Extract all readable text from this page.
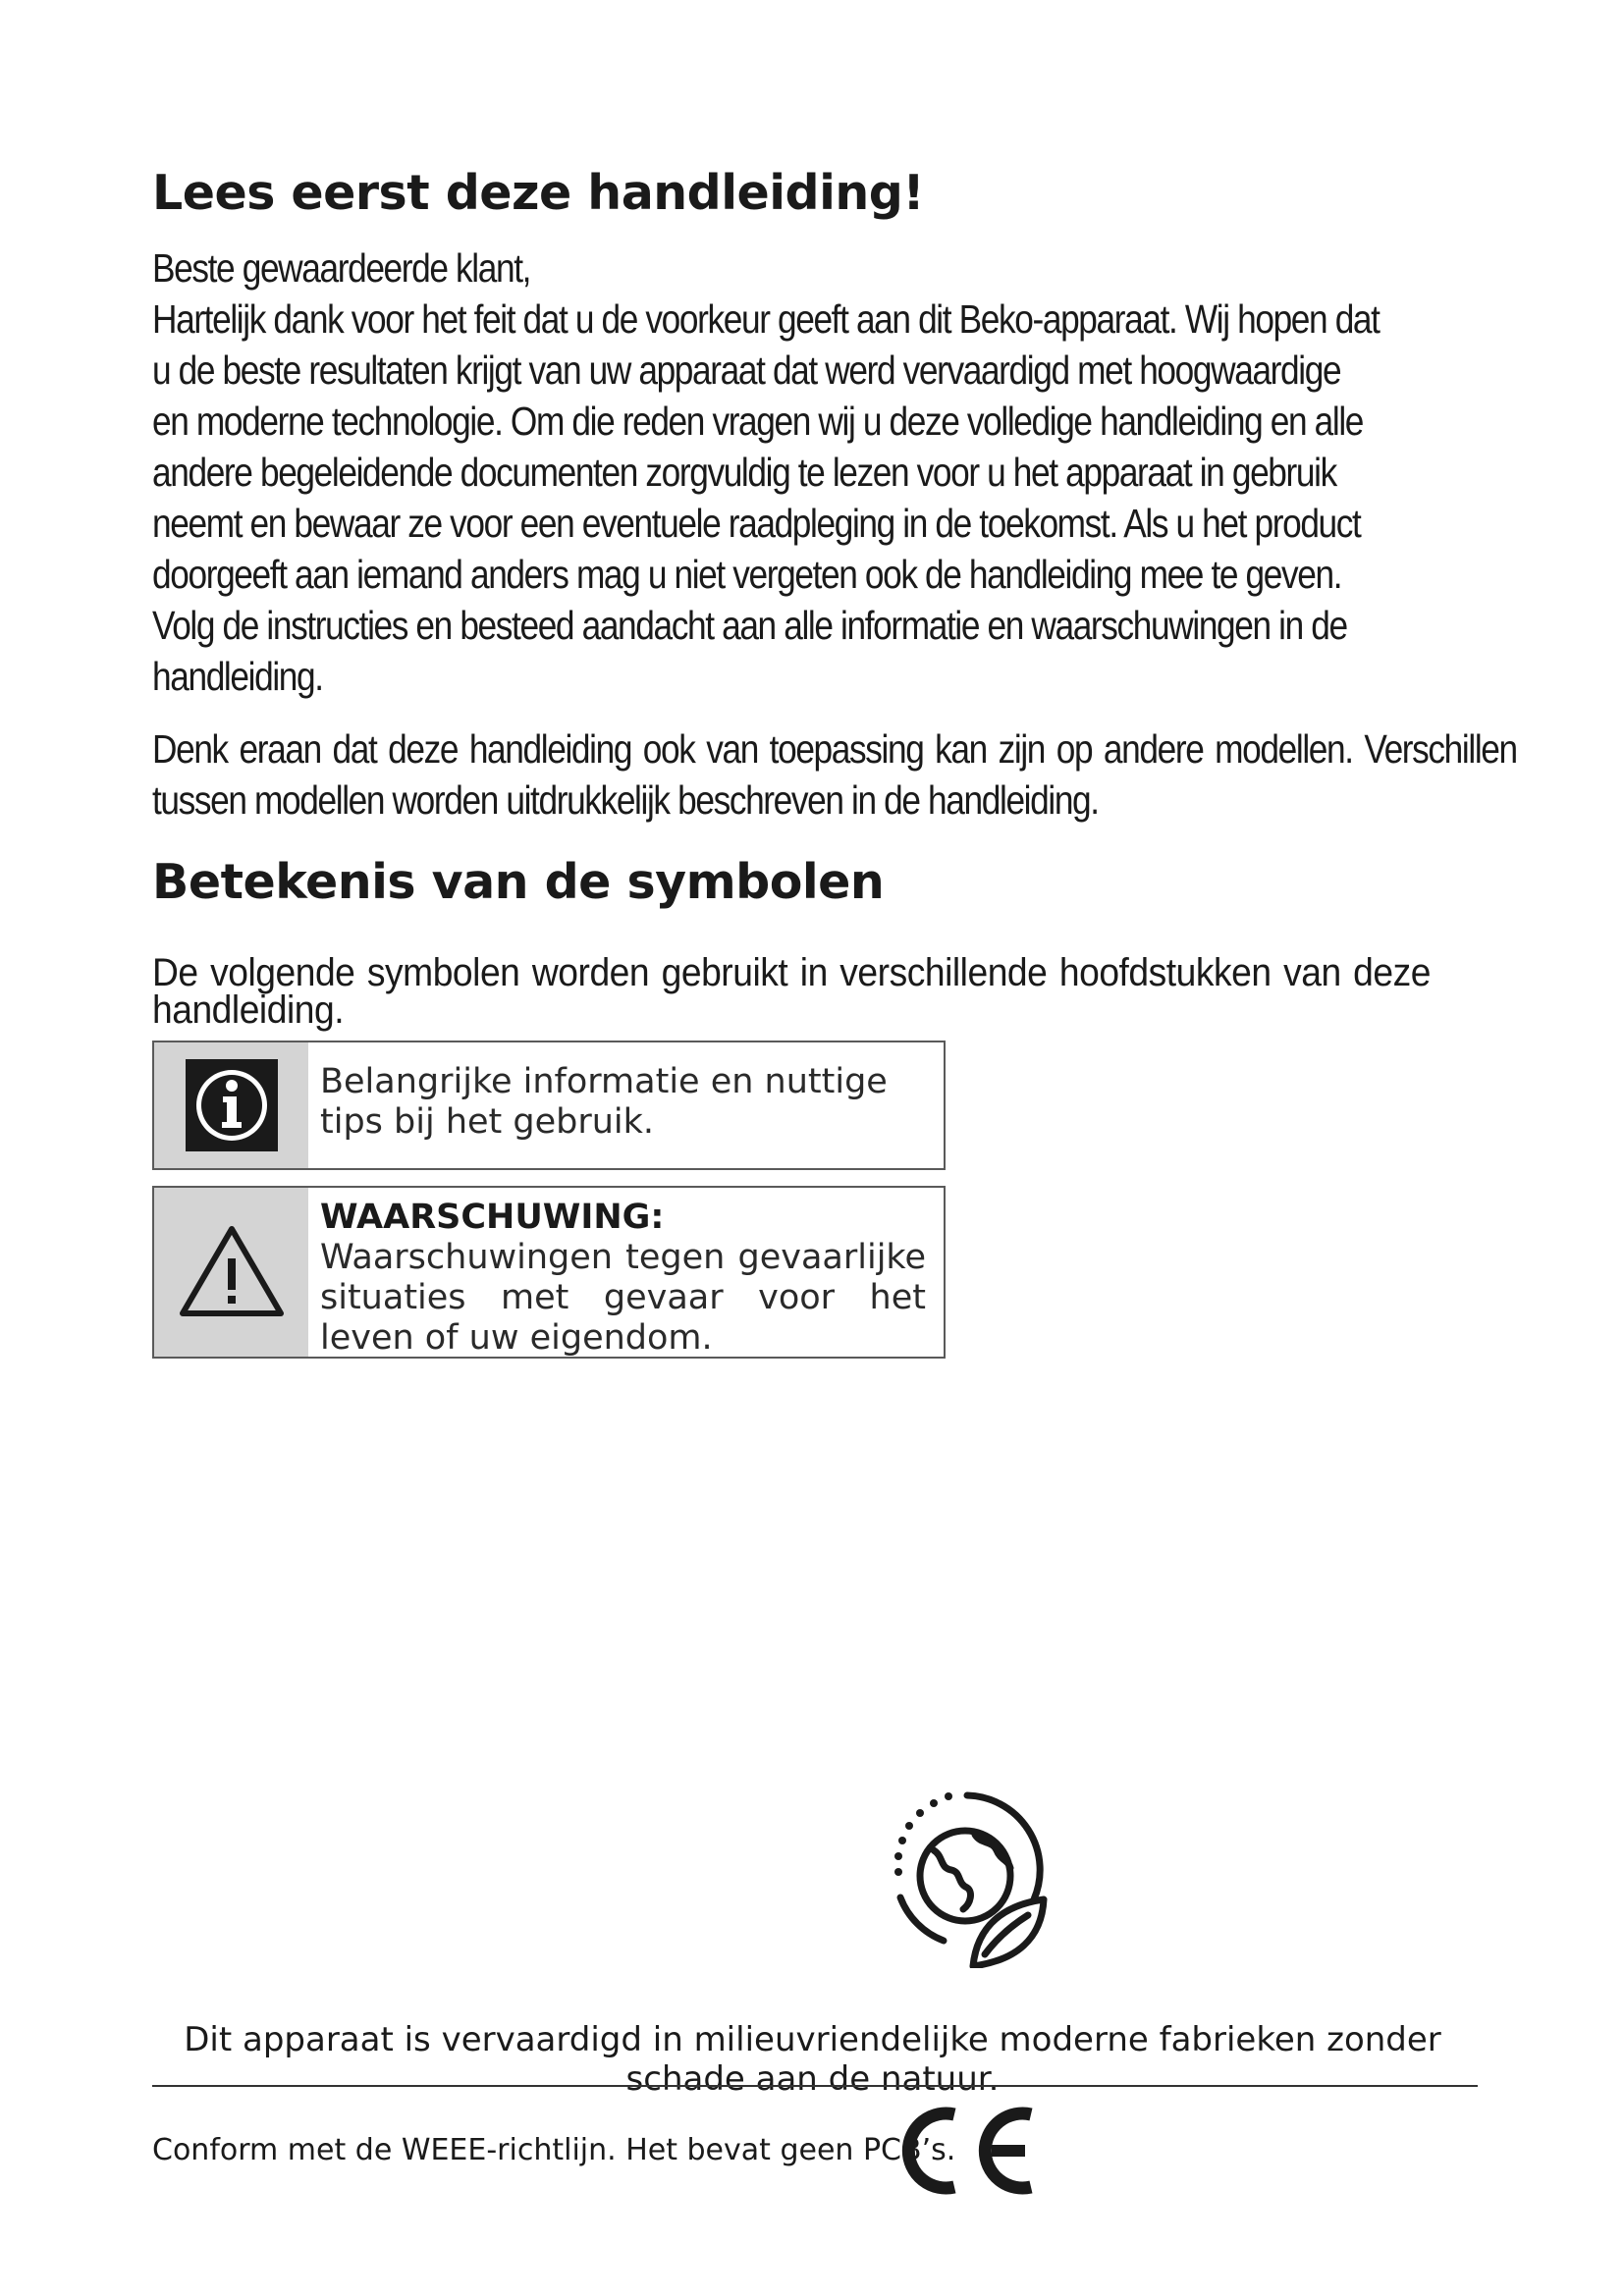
Lees eerst deze handleiding!

Beste gewaardeerde klant,

Hartelijk dank voor het feit dat u de voorkeur geeft aan dit Beko-apparaat. Wij hopen dat

u de beste resultaten krijgt van uw apparaat dat werd vervaardigd met hoogwaardige

en moderne technologie. Om die reden vragen wij u deze volledige handleiding en alle

andere begeleidende documenten zorgvuldig te lezen voor u het apparaat in gebruik

neemt en bewaar ze voor een eventuele raadpleging in de toekomst. Als u het product

doorgeeft aan iemand anders mag u niet vergeten ook de handleiding mee te geven.

Volg de instructies en besteed aandacht aan alle informatie en waarschuwingen in de

handleiding.

Denk eraan dat deze handleiding ook van toepassing kan zijn op andere modellen. Verschillen tussen modellen worden uitdrukkelijk beschreven in de handleiding.

Betekenis van de symbolen

De volgende symbolen worden gebruikt in verschillende hoofdstukken van deze handleiding.

Belangrijke informatie en nuttige tips bij het gebruik.
WAARSCHUWING: Waarschuwingen tegen gevaarlijke situaties met gevaar voor het leven of uw eigendom.

Dit apparaat is vervaardigd in milieuvriendelijke moderne fabrieken zonder schade aan de natuur.

Conform met de WEEE-richtlijn. Het bevat geen PCB’s.
